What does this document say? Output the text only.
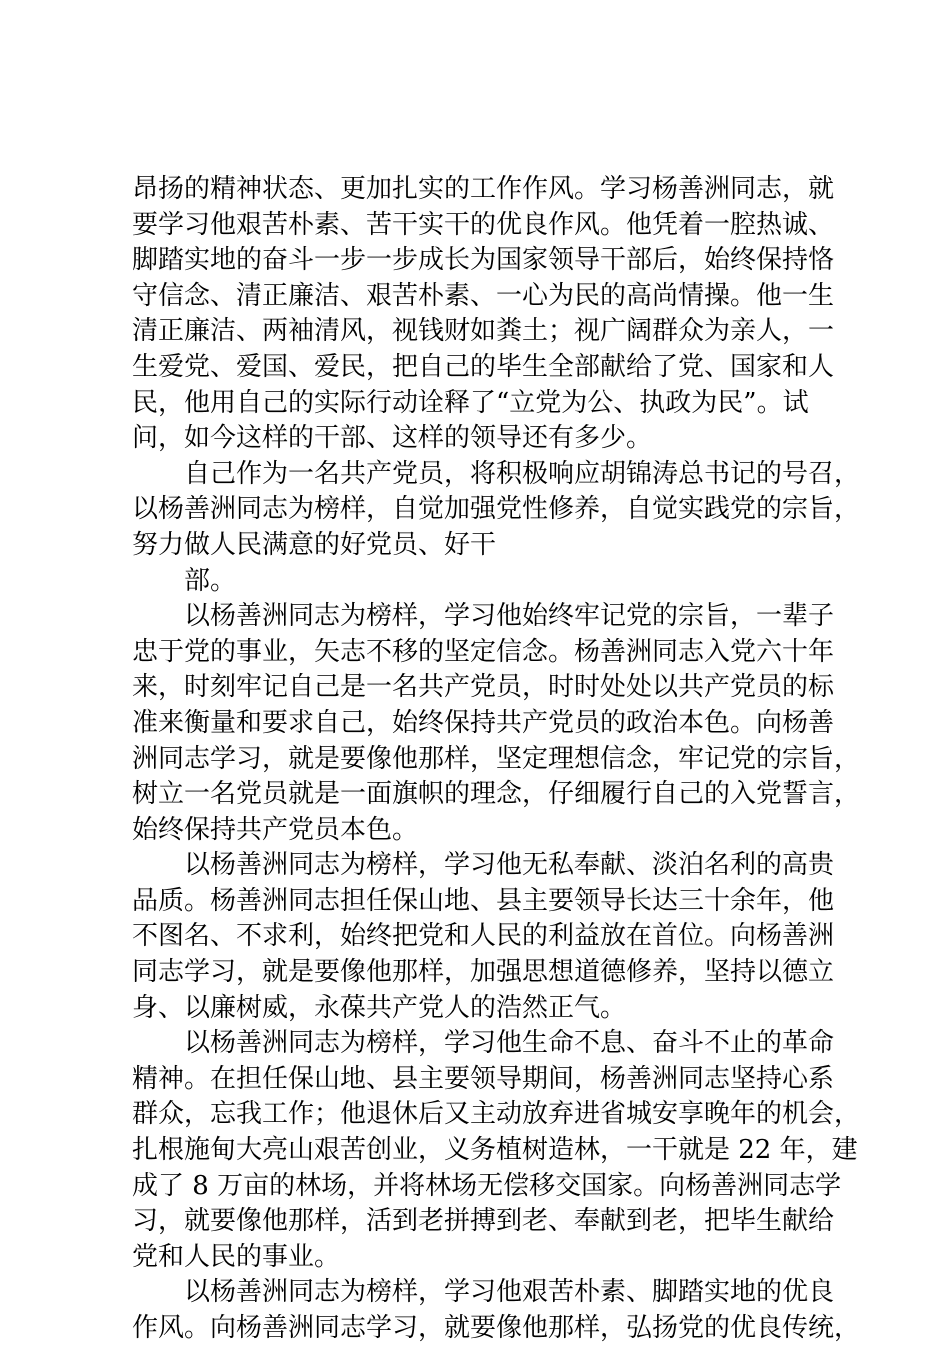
昂扬的精神状态、更加扎实的工作作风。学习杨善洲同志，就
要学习他艰苦朴素、苦干实干的优良作风。他凭着一腔热诚、
脚踏实地的奋斗一步一步成长为国家领导干部后，始终保持恪
守信念、清正廉洁、艰苦朴素、一心为民的高尚情操。他一生
清正廉洁、两袖清风，视钱财如粪土；视广阔群众为亲人，一
生爱党、爱国、爱民，把自己的毕生全部献给了党、国家和人
民，他用自己的实际行动诠释了“立党为公、执政为民”。试
问，如今这样的干部、这样的领导还有多少。

自己作为一名共产党员，将积极响应胡锦涛总书记的号召，
以杨善洲同志为榜样，自觉加强党性修养，自觉实践党的宗旨，
努力做人民满意的好党员、好干

部。

以杨善洲同志为榜样，学习他始终牢记党的宗旨，一辈子
忠于党的事业，矢志不移的坚定信念。杨善洲同志入党六十年
来，时刻牢记自己是一名共产党员，时时处处以共产党员的标
准来衡量和要求自己，始终保持共产党员的政治本色。向杨善
洲同志学习，就是要像他那样，坚定理想信念，牢记党的宗旨，
树立一名党员就是一面旗帜的理念，仔细履行自己的入党誓言，
始终保持共产党员本色。

以杨善洲同志为榜样，学习他无私奉献、淡泊名利的高贵
品质。杨善洲同志担任保山地、县主要领导长达三十余年，他
不图名、不求利，始终把党和人民的利益放在首位。向杨善洲
同志学习，就是要像他那样，加强思想道德修养，坚持以德立
身、以廉树威，永葆共产党人的浩然正气。

以杨善洲同志为榜样，学习他生命不息、奋斗不止的革命
精神。在担任保山地、县主要领导期间，杨善洲同志坚持心系
群众，忘我工作；他退休后又主动放弃进省城安享晚年的机会，
扎根施甸大亮山艰苦创业，义务植树造林，一干就是 22 年，建
成了 8 万亩的林场，并将林场无偿移交国家。向杨善洲同志学
习，就要像他那样，活到老拼搏到老、奉献到老，把毕生献给
党和人民的事业。

以杨善洲同志为榜样，学习他艰苦朴素、脚踏实地的优良
作风。向杨善洲同志学习，就要像他那样，弘扬党的优良传统，
